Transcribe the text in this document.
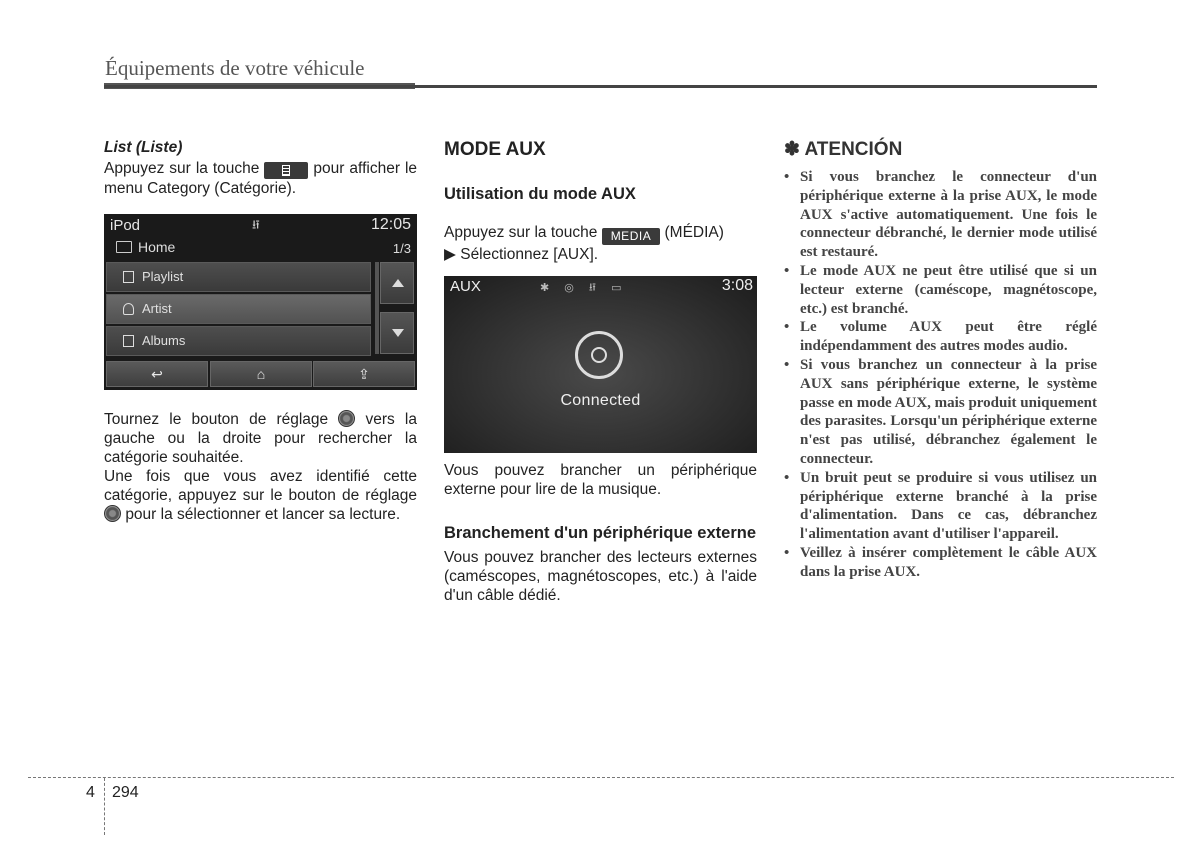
Équipements de votre véhicule

List (Liste)

Appuyez sur la touche	pour afficher le menu Category (Catégorie).

iPod	⭿	12:05
Home	1/3
Playlist
Artist
Albums
↩	⌂	⇪

Tournez le bouton de réglage vers la gauche ou la droite pour rechercher la catégorie souhaitée.

Une fois que vous avez identifié cette catégorie, appuyez sur le bouton de réglage  pour la sélectionner et lancer sa lecture.

MODE AUX
Utilisation du mode AUX

Appuyez sur la touche MEDIA (MÉDIA)
▶ Sélectionnez [AUX].

AUX	✱ ◎ ⭿ ▭	3:08
Connected

Vous pouvez brancher un périphérique externe pour lire de la musique.

Branchement d'un périphérique externe

Vous pouvez brancher des lecteurs externes (caméscopes, magnétoscopes, etc.) à l'aide d'un câble dédié.

✽ ATENCIÓN
• Si vous branchez le connecteur d'un périphérique externe à la prise AUX, le mode AUX s'active automatiquement. Une fois le connecteur débranché, le dernier mode utilisé est restauré.
• Le mode AUX ne peut être utilisé que si un lecteur externe (caméscope, magnétoscope, etc.) est branché.
• Le volume AUX peut être réglé indépendamment des autres modes audio.
• Si vous branchez un connecteur à la prise AUX sans périphérique externe, le système passe en mode AUX, mais produit uniquement des parasites. Lorsqu'un périphérique externe n'est pas utilisé, débranchez également le connecteur.
• Un bruit peut se produire si vous utilisez un périphérique externe branché à la prise d'alimentation. Dans ce cas, débranchez l'alimentation avant d'utiliser l'appareil.
• Veillez à insérer complètement le câble AUX dans la prise AUX.
4 294
